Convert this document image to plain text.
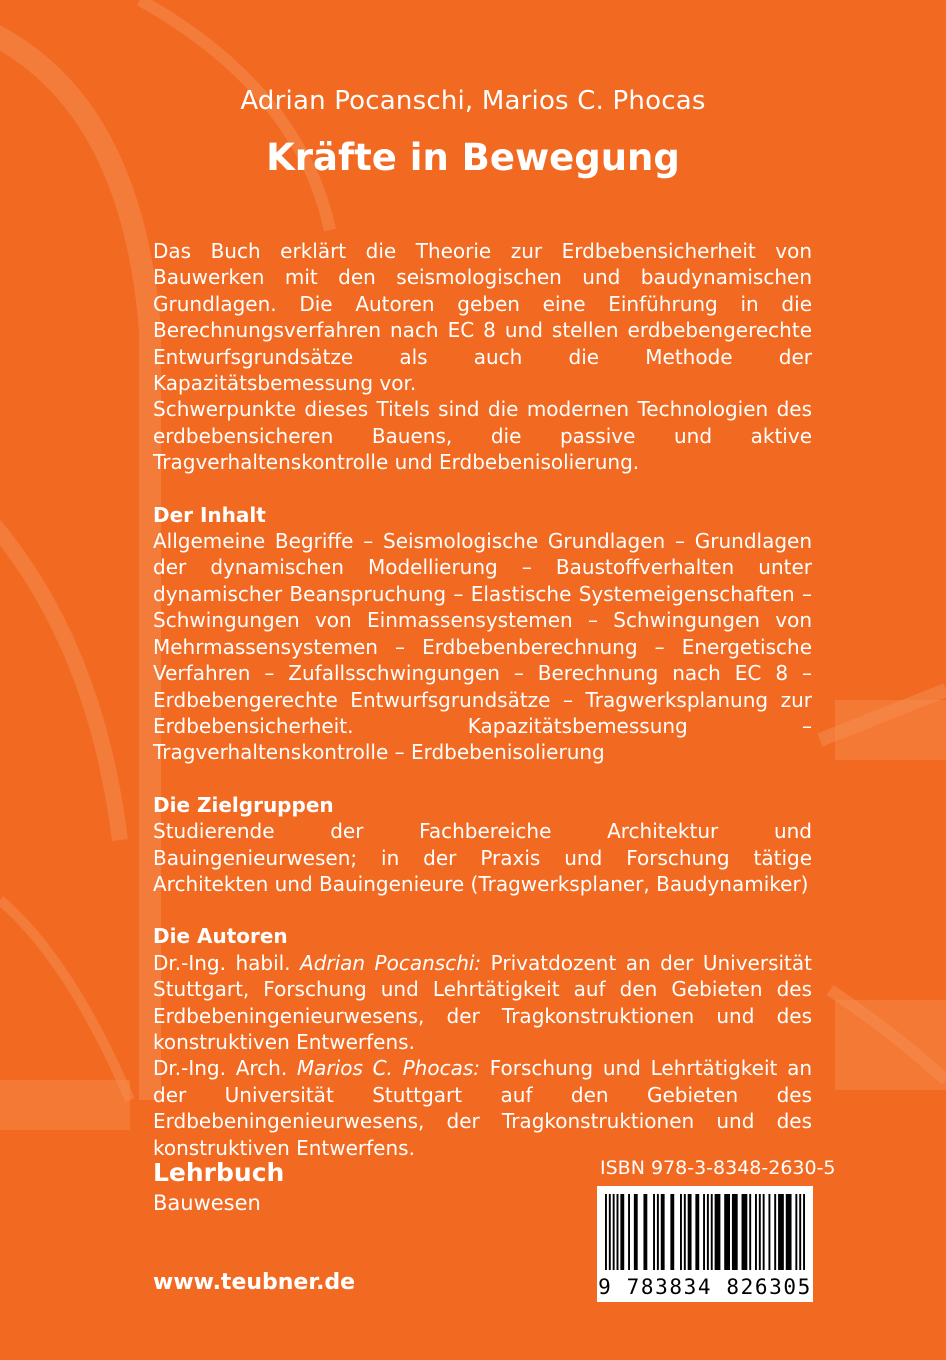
Adrian Pocanschi, Marios C. Phocas
Kräfte in Bewegung

Das Buch erklärt die Theorie zur Erdbebensicherheit von Bauwerken mit den seismologischen und baudynamischen Grundlagen. Die Autoren geben eine Einführung in die Berechnungsverfahren nach EC 8 und stellen erdbebengerechte Entwurfsgrundsätze als auch die Methode der Kapazitätsbemessung vor.

Schwerpunkte dieses Titels sind die modernen Technologien des erdbebensicheren Bauens, die passive und aktive Tragverhaltenskontrolle und Erdbebenisolierung.

Der Inhalt

Allgemeine Begriffe – Seismologische Grundlagen – Grundlagen der dynamischen Modellierung – Baustoffverhalten unter dynamischer Beanspruchung – Elastische Systemeigenschaften – Schwingungen von Einmassensystemen – Schwingungen von Mehrmassensystemen – Erdbebenberechnung – Energetische Verfahren – Zufallsschwingungen – Berechnung nach EC 8 – Erdbebengerechte Entwurfsgrundsätze – Tragwerksplanung zur Erdbebensicherheit. Kapazitätsbemessung – Tragverhaltenskontrolle – Erdbebenisolierung

Die Zielgruppen

Studierende der Fachbereiche Architektur und Bauingenieurwesen; in der Praxis und Forschung tätige Architekten und Bauingenieure (Tragwerksplaner, Baudynamiker)

Die Autoren

Dr.-Ing. habil. Adrian Pocanschi: Privatdozent an der Universität Stuttgart, Forschung und Lehrtätigkeit auf den Gebieten des Erdbebeningenieurwesens, der Tragkonstruktionen und des konstruktiven Entwerfens.

Dr.-Ing. Arch. Marios C. Phocas: Forschung und Lehrtätigkeit an der Universität Stuttgart auf den Gebieten des Erdbebeningenieurwesens, der Tragkonstruktionen und des konstruktiven Entwerfens.

Lehrbuch
Bauwesen
www.teubner.de
ISBN 978-3-8348-2630-5
9 783834 826305
